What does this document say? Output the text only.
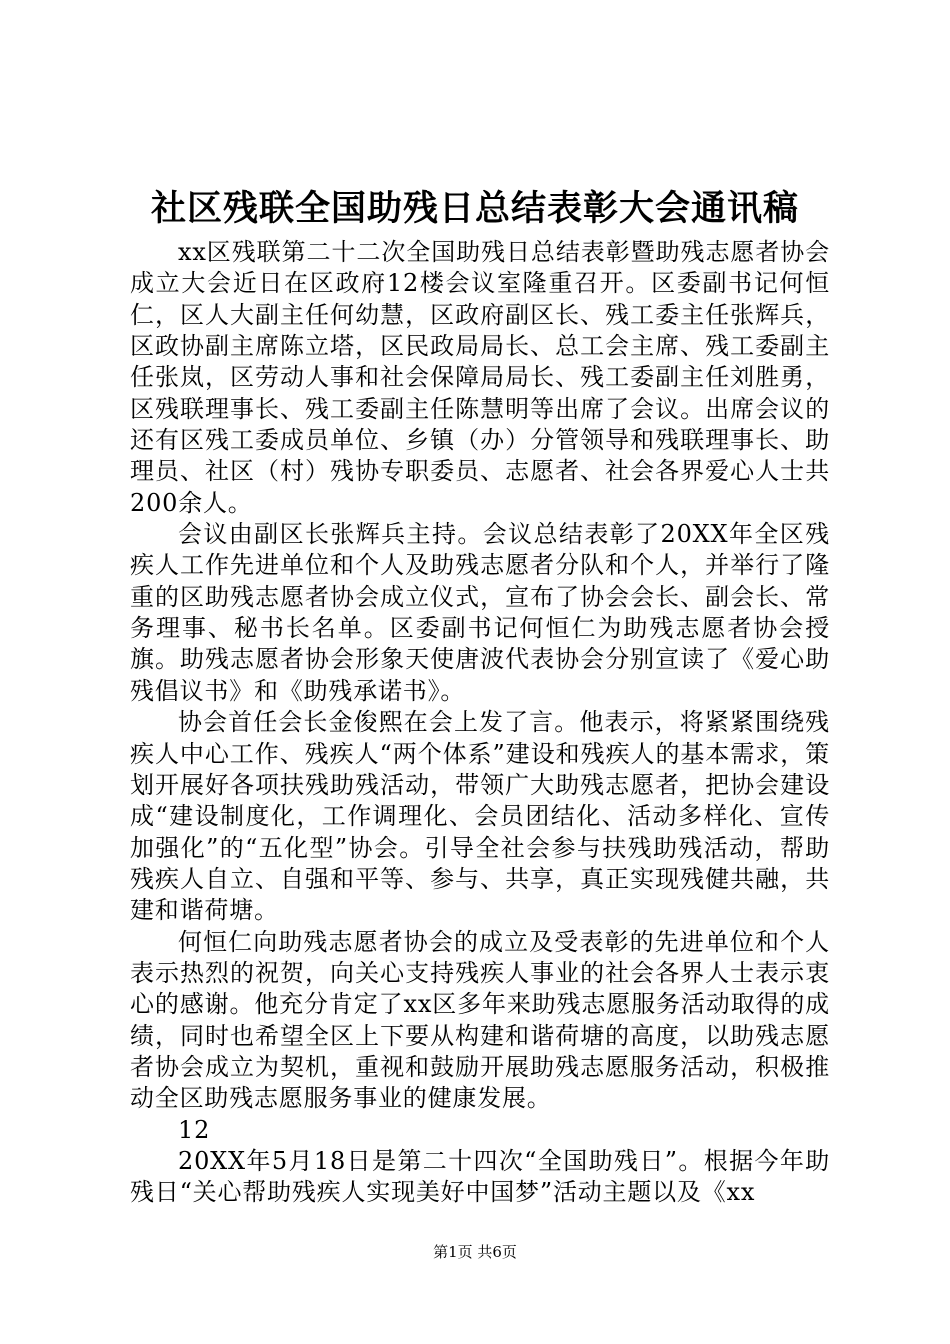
社区残联全国助残日总结表彰大会通讯稿

xx区残联第二十二次全国助残日总结表彰暨助残志愿者协会成立大会近日在区政府12楼会议室隆重召开。区委副书记何恒仁，区人大副主任何幼慧，区政府副区长、残工委主任张辉兵，区政协副主席陈立塔，区民政局局长、总工会主席、残工委副主任张岚，区劳动人事和社会保障局局长、残工委副主任刘胜勇，区残联理事长、残工委副主任陈慧明等出席了会议。出席会议的还有区残工委成员单位、乡镇（办）分管领导和残联理事长、助理员、社区（村）残协专职委员、志愿者、社会各界爱心人士共200余人。

会议由副区长张辉兵主持。会议总结表彰了20XX年全区残疾人工作先进单位和个人及助残志愿者分队和个人，并举行了隆重的区助残志愿者协会成立仪式，宣布了协会会长、副会长、常务理事、秘书长名单。区委副书记何恒仁为助残志愿者协会授旗。助残志愿者协会形象天使唐波代表协会分别宣读了《爱心助残倡议书》和《助残承诺书》。

协会首任会长金俊熙在会上发了言。他表示，将紧紧围绕残疾人中心工作、残疾人“两个体系”建设和残疾人的基本需求，策划开展好各项扶残助残活动，带领广大助残志愿者，把协会建设成“建设制度化，工作调理化、会员团结化、活动多样化、宣传加强化”的“五化型”协会。引导全社会参与扶残助残活动，帮助残疾人自立、自强和平等、参与、共享，真正实现残健共融，共建和谐荷塘。

何恒仁向助残志愿者协会的成立及受表彰的先进单位和个人表示热烈的祝贺，向关心支持残疾人事业的社会各界人士表示衷心的感谢。他充分肯定了xx区多年来助残志愿服务活动取得的成绩，同时也希望全区上下要从构建和谐荷塘的高度，以助残志愿者协会成立为契机，重视和鼓励开展助残志愿服务活动，积极推动全区助残志愿服务事业的健康发展。

12

20XX年5月18日是第二十四次“全国助残日”。根据今年助残日“关心帮助残疾人实现美好中国梦”活动主题以及《xx

第1页 共6页
